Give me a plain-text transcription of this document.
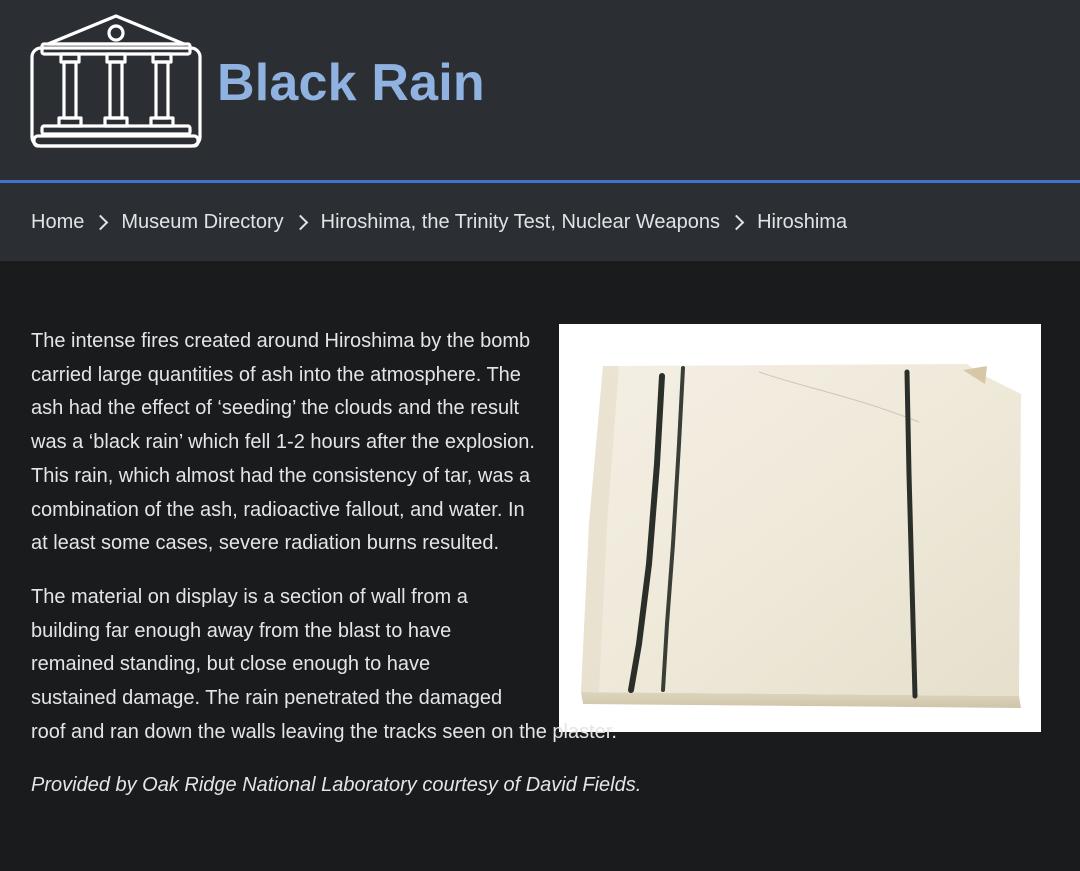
Black Rain
Home Museum Directory Hiroshima, the Trinity Test, Nuclear Weapons Hiroshima

The intense fires created around Hiroshima by the bomb carried large quantities of ash into the atmosphere. The ash had the effect of ‘seeding’ the clouds and the result was a ‘black rain’ which fell 1-2 hours after the explosion. This rain, which almost had the consistency of tar, was a combination of the ash, radioactive fallout, and water. In at least some cases, severe radiation burns resulted.

The material on display is a section of wall from a building far enough away from the blast to have remained standing, but close enough to have sustained damage. The rain penetrated the damaged roof and ran down the walls leaving the tracks seen on the plaster.

Provided by Oak Ridge National Laboratory courtesy of David Fields.
